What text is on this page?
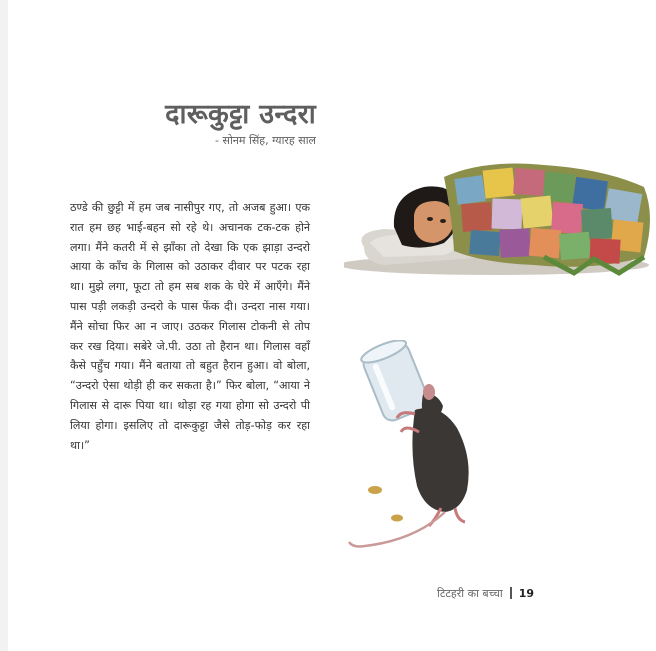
दारूकुट्टा उन्दरा
- सोनम सिंह, ग्यारह साल

ठण्डे की छुट्टी में हम जब नासीपुर गए, तो अजब हुआ। एक रात हम छह भाई-बहन सो रहे थे। अचानक टक-टक होने लगा। मैंने कतरी में से झाँका तो देखा कि एक झाड़ा उन्दरो आया के काँच के गिलास को उठाकर दीवार पर पटक रहा था। मुझे लगा, फूटा तो हम सब शक के घेरे में आएँगे। मैंने पास पड़ी लकड़ी उन्दरो के पास फेंक दी। उन्दरा नास गया। मैंने सोचा फिर आ न जाए। उठकर गिलास टोकनी से तोप कर रख दिया। सबेरे जे.पी. उठा तो हैरान था। गिलास वहाँ कैसे पहुँच गया। मैंने बताया तो बहुत हैरान हुआ। वो बोला, “उन्दरो ऐसा थोड़ी ही कर सकता है।” फिर बोला, “आया ने गिलास से दारू पिया था। थोड़ा रह गया होगा सो उन्दरो पी लिया होगा। इसलिए तो दारूकुट्टा जैसे तोड़-फोड़ कर रहा था।”

टिटहरी का बच्चा 19
